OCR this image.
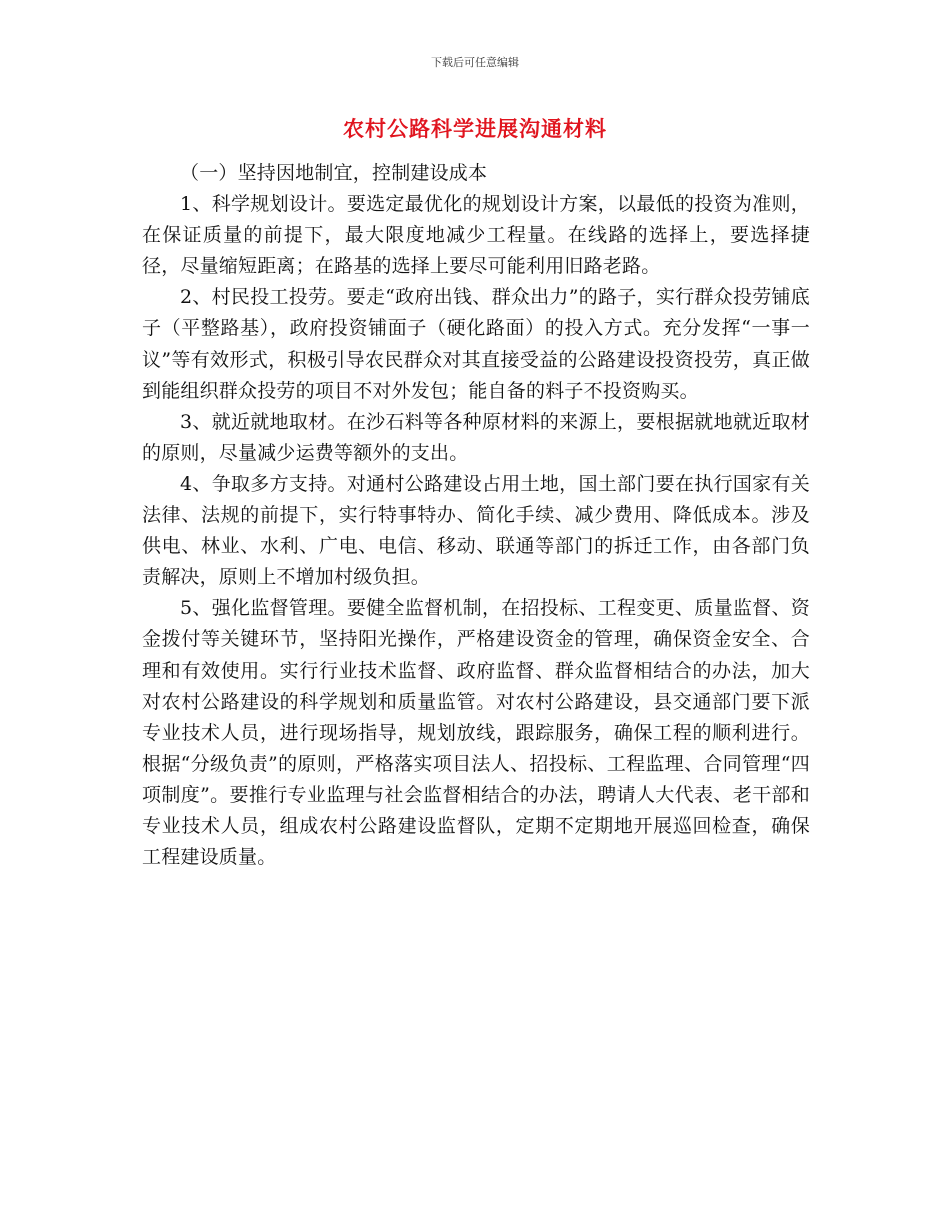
下载后可任意编辑
农村公路科学进展沟通材料

（一）坚持因地制宜，控制建设成本

1、科学规划设计。要选定最优化的规划设计方案，以最低的投资为准则，在保证质量的前提下，最大限度地减少工程量。在线路的选择上，要选择捷径，尽量缩短距离；在路基的选择上要尽可能利用旧路老路。

2、村民投工投劳。要走“政府出钱、群众出力”的路子，实行群众投劳铺底子（平整路基），政府投资铺面子（硬化路面）的投入方式。充分发挥“一事一议”等有效形式，积极引导农民群众对其直接受益的公路建设投资投劳，真正做到能组织群众投劳的项目不对外发包；能自备的料子不投资购买。

3、就近就地取材。在沙石料等各种原材料的来源上，要根据就地就近取材的原则，尽量减少运费等额外的支出。

4、争取多方支持。对通村公路建设占用土地，国土部门要在执行国家有关法律、法规的前提下，实行特事特办、简化手续、减少费用、降低成本。涉及供电、林业、水利、广电、电信、移动、联通等部门的拆迁工作，由各部门负责解决，原则上不增加村级负担。

5、强化监督管理。要健全监督机制，在招投标、工程变更、质量监督、资金拨付等关键环节，坚持阳光操作，严格建设资金的管理，确保资金安全、合理和有效使用。实行行业技术监督、政府监督、群众监督相结合的办法，加大对农村公路建设的科学规划和质量监管。对农村公路建设，县交通部门要下派专业技术人员，进行现场指导，规划放线，跟踪服务，确保工程的顺利进行。根据“分级负责”的原则，严格落实项目法人、招投标、工程监理、合同管理“四项制度”。要推行专业监理与社会监督相结合的办法，聘请人大代表、老干部和专业技术人员，组成农村公路建设监督队，定期不定期地开展巡回检查，确保工程建设质量。
